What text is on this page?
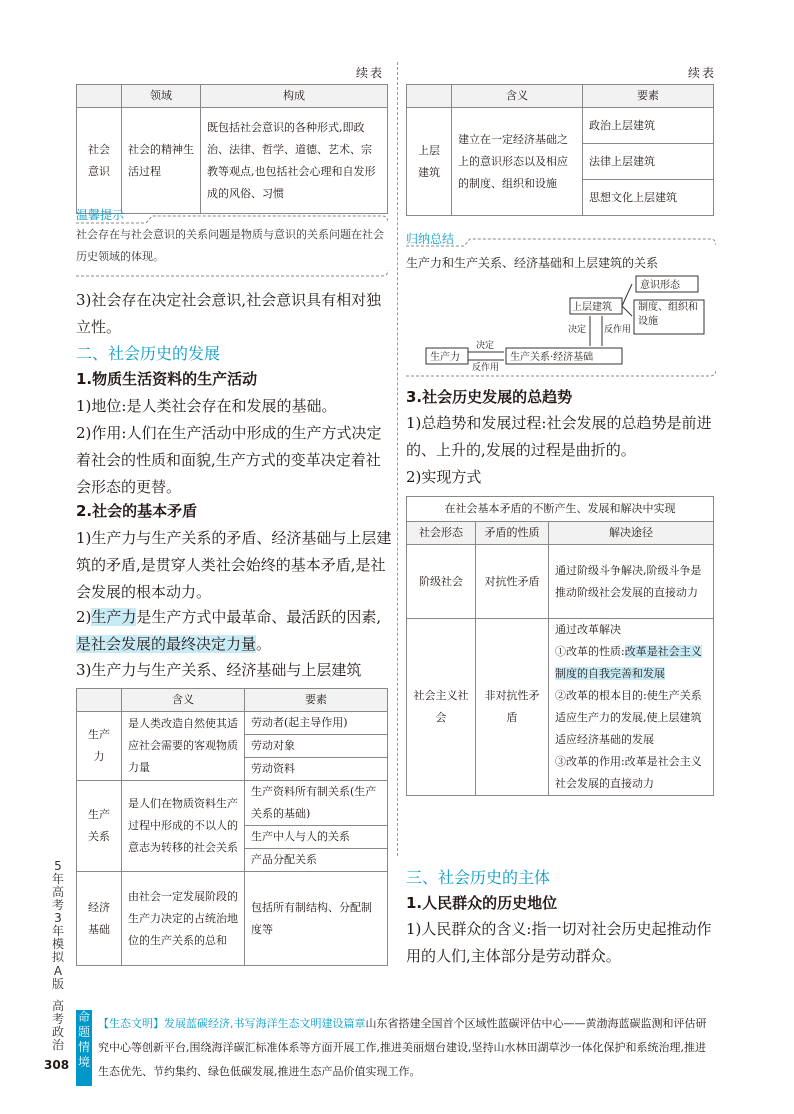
续表	续表
	领域	构成
社会意识	社会的精神生活过程	既包括社会意识的各种形式,即政治、法律、哲学、道德、艺术、宗教等观点,也包括社会心理和自发形成的风俗、习惯
温馨提示
社会存在与社会意识的关系问题是物质与意识的关系问题在社会历史领域的体现。
3)社会存在决定社会意识,社会意识具有相对独立性。
二、社会历史的发展
1.物质生活资料的生产活动
1)地位:是人类社会存在和发展的基础。
2)作用:人们在生产活动中形成的生产方式决定着社会的性质和面貌,生产方式的变革决定着社会形态的更替。
2.社会的基本矛盾
1)生产力与生产关系的矛盾、经济基础与上层建筑的矛盾,是贯穿人类社会始终的基本矛盾,是社会发展的根本动力。
2)生产力是生产方式中最革命、最活跃的因素,是社会发展的最终决定力量。
3)生产力与生产关系、经济基础与上层建筑
	含义	要素
生产力	是人类改造自然使其适应社会需要的客观物质力量	劳动者(起主导作用)
		劳动对象
		劳动资料
生产关系	是人们在物质资料生产过程中形成的不以人的意志为转移的社会关系	生产资料所有制关系(生产关系的基础)
		生产中人与人的关系
		产品分配关系
经济基础	由社会一定发展阶段的生产力决定的占统治地位的生产关系的总和	包括所有制结构、分配制度等
	含义	要素
上层建筑	建立在一定经济基础之上的意识形态以及相应的制度、组织和设施	政治上层建筑
		法律上层建筑
		思想文化上层建筑
归纳总结
生产力和生产关系、经济基础和上层建筑的关系
上层建筑
意识形态
制度、组织和设施
生产力	生产关系·经济基础
决定
反作用
决定 反作用
3.社会历史发展的总趋势
1)总趋势和发展过程:社会发展的总趋势是前进的、上升的,发展的过程是曲折的。
2)实现方式
在社会基本矛盾的不断产生、发展和解决中实现		
社会形态	矛盾的性质	解决途径
阶级社会	对抗性矛盾	通过阶级斗争解决,阶级斗争是推动阶级社会发展的直接动力
社会主义社会	非对抗性矛盾	通过改革解决
①改革的性质:改革是社会主义制度的自我完善和发展
②改革的根本目的:使生产关系适应生产力的发展,使上层建筑适应经济基础的发展
③改革的作用:改革是社会主义社会发展的直接动力
三、社会历史的主体
1.人民群众的历史地位
1)人民群众的含义:指一切对社会历史起推动作用的人们,主体部分是劳动群众。
5年高考3年模拟
A版
高考政治
308
命题情境
【生态文明】发展蓝碳经济,书写海洋生态文明建设篇章山东省搭建全国首个区域性蓝碳评估中心——黄渤海蓝碳监测和评估研究中心等创新平台,围绕海洋碳汇标准体系等方面开展工作,推进美丽烟台建设,坚持山水林田湖草沙一体化保护和系统治理,推进生态优先、节约集约、绿色低碳发展,推进生态产品价值实现工作。
